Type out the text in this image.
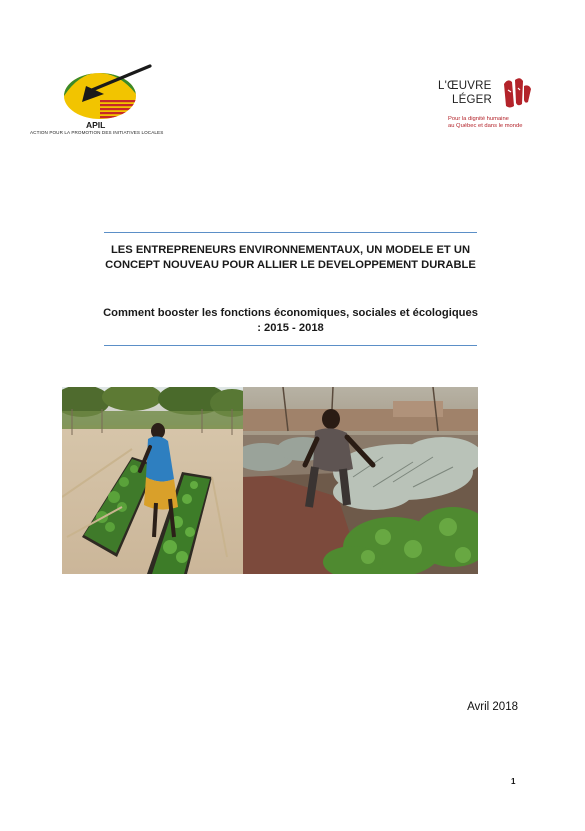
APIL
ACTION POUR LA PROMOTION DES INITIATIVES LOCALES
L'ŒUVRE
LÉGER
Pour la dignité humaine
au Québec et dans le monde
LES ENTREPRENEURS ENVIRONNEMENTAUX, UN MODELE ET UN CONCEPT NOUVEAU POUR ALLIER LE DEVELOPPEMENT DURABLE
Comment booster les fonctions économiques, sociales et écologiques : 2015 - 2018
Avril 2018
1
